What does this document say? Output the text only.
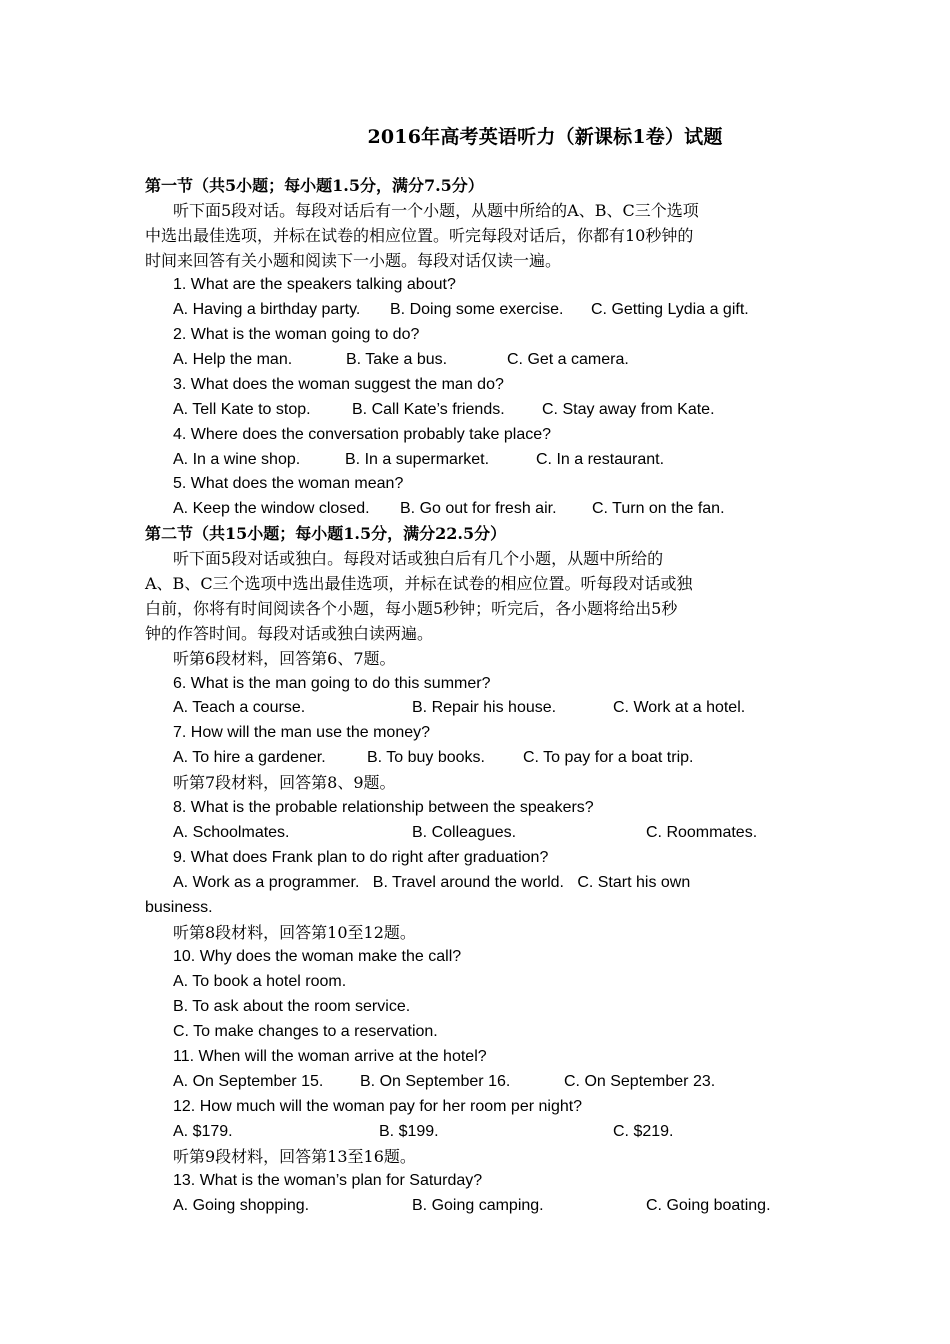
2016年高考英语听力（新课标1卷）试题
第一节（共5小题；每小题1.5分，满分7.5分）
听下面5段对话。每段对话后有一个小题，从题中所给的A、B、C三个选项
中选出最佳选项，并标在试卷的相应位置。听完每段对话后，你都有10秒钟的
时间来回答有关小题和阅读下一小题。每段对话仅读一遍。
1. What are the speakers talking about?
A. Having a birthday party. B. Doing some exercise. C. Getting Lydia a gift.
2. What is the woman going to do?
A. Help the man.	B. Take a bus.	C. Get a camera.
3. What does the woman suggest the man do?
A. Tell Kate to stop.	B. Call Kate’s friends. C. Stay away from Kate.
4. Where does the conversation probably take place?
A. In a wine shop.	B. In a supermarket.	C. In a restaurant.
5. What does the woman mean?
A. Keep the window closed. B. Go out for fresh air. C. Turn on the fan.
第二节（共15小题；每小题1.5分，满分22.5分）
听下面5段对话或独白。每段对话或独白后有几个小题，从题中所给的
A、B、C三个选项中选出最佳选项，并标在试卷的相应位置。听每段对话或独
白前，你将有时间阅读各个小题，每小题5秒钟；听完后，各小题将给出5秒
钟的作答时间。每段对话或独白读两遍。
听第6段材料，回答第6、7题。
6. What is the man going to do this summer?
A. Teach a course.	B. Repair his house.	C. Work at a hotel.
7. How will the man use the money?
A. To hire a gardener.	B. To buy books. C. To pay for a boat trip.
听第7段材料，回答第8、9题。
8. What is the probable relationship between the speakers?
A. Schoolmates.	B. Colleagues.	C. Roommates.
9. What does Frank plan to do right after graduation?
A. Work as a programmer.   B. Travel around the world.   C. Start his own
business.
听第8段材料，回答第10至12题。
10. Why does the woman make the call?
A. To book a hotel room.
B. To ask about the room service.
C. To make changes to a reservation.
11. When will the woman arrive at the hotel?
A. On September 15. B. On September 16.	C. On September 23.
12. How much will the woman pay for her room per night?
A. $179.	B. $199.	C. $219.
听第9段材料，回答第13至16题。
13. What is the woman’s plan for Saturday?
A. Going shopping.	B. Going camping.	C. Going boating.
